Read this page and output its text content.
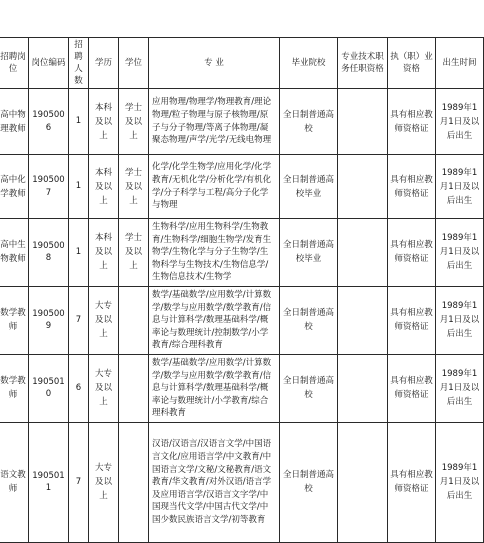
招聘岗位	岗位编码	招聘人数	学历	学位	专 业	毕业院校	专业技术职务任职资格	执（职）业资格	出生时间
高中物理教师	1905006	1	本科及以上	学士及以上	应用物理/物理学/物理教育/理论物理/粒子物理与原子核物理/原子与分子物理/等离子体物理/凝聚态物理/声学/光学/无线电物理	全日制普通高校		具有相应教师资格证	1989年1月1日及以后出生
高中化学教师	1905007	1	本科及以上	学士及以上	化学/化学生物学/应用化学/化学教育/无机化学/分析化学/有机化学/分子科学与工程/高分子化学与物理	全日制普通高校毕业		具有相应教师资格证	1989年1月1日及以后出生
高中生物教师	1905008	1	本科及以上	学士及以上	生物科学/应用生物科学/生物教育/生物科学/细胞生物学/发育生物学/生物化学与分子生物学/生物科学与生物技术/生物信息学/生物信息技术/生物学	全日制普通高校毕业		具有相应教师资格证	1989年1月1日及以后出生
数学教师	1905009	7	大专及以上		数学/基础数学/应用数学/计算数学/数学与应用数学/数学教育/信息与计算科学/数理基础科学/概率论与数理统计/控制数学/小学教育/综合理科教育	全日制普通高校		具有相应教师资格证	1989年1月1日及以后出生
数学教师	1905010	6	大专及以上		数学/基础数学/应用数学/计算数学/数学与应用数学/数学教育/信息与计算科学/数理基础科学/概率论与数理统计/小学教育/综合理科教育	全日制普通高校		具有相应教师资格证	1989年1月1日及以后出生
语文教师	1905011	7	大专及以上		汉语/汉语言/汉语言文学/中国语言文化/应用语言学/中文教育/中国语言文学/文秘/文秘教育/语文教育/华文教育/对外汉语/语言学及应用语言学/汉语言文字学/中国现当代文学/中国古代文学/中国少数民族语言文学/初等教育	全日制普通高校		具有相应教师资格证	1989年1月1日及以后出生
